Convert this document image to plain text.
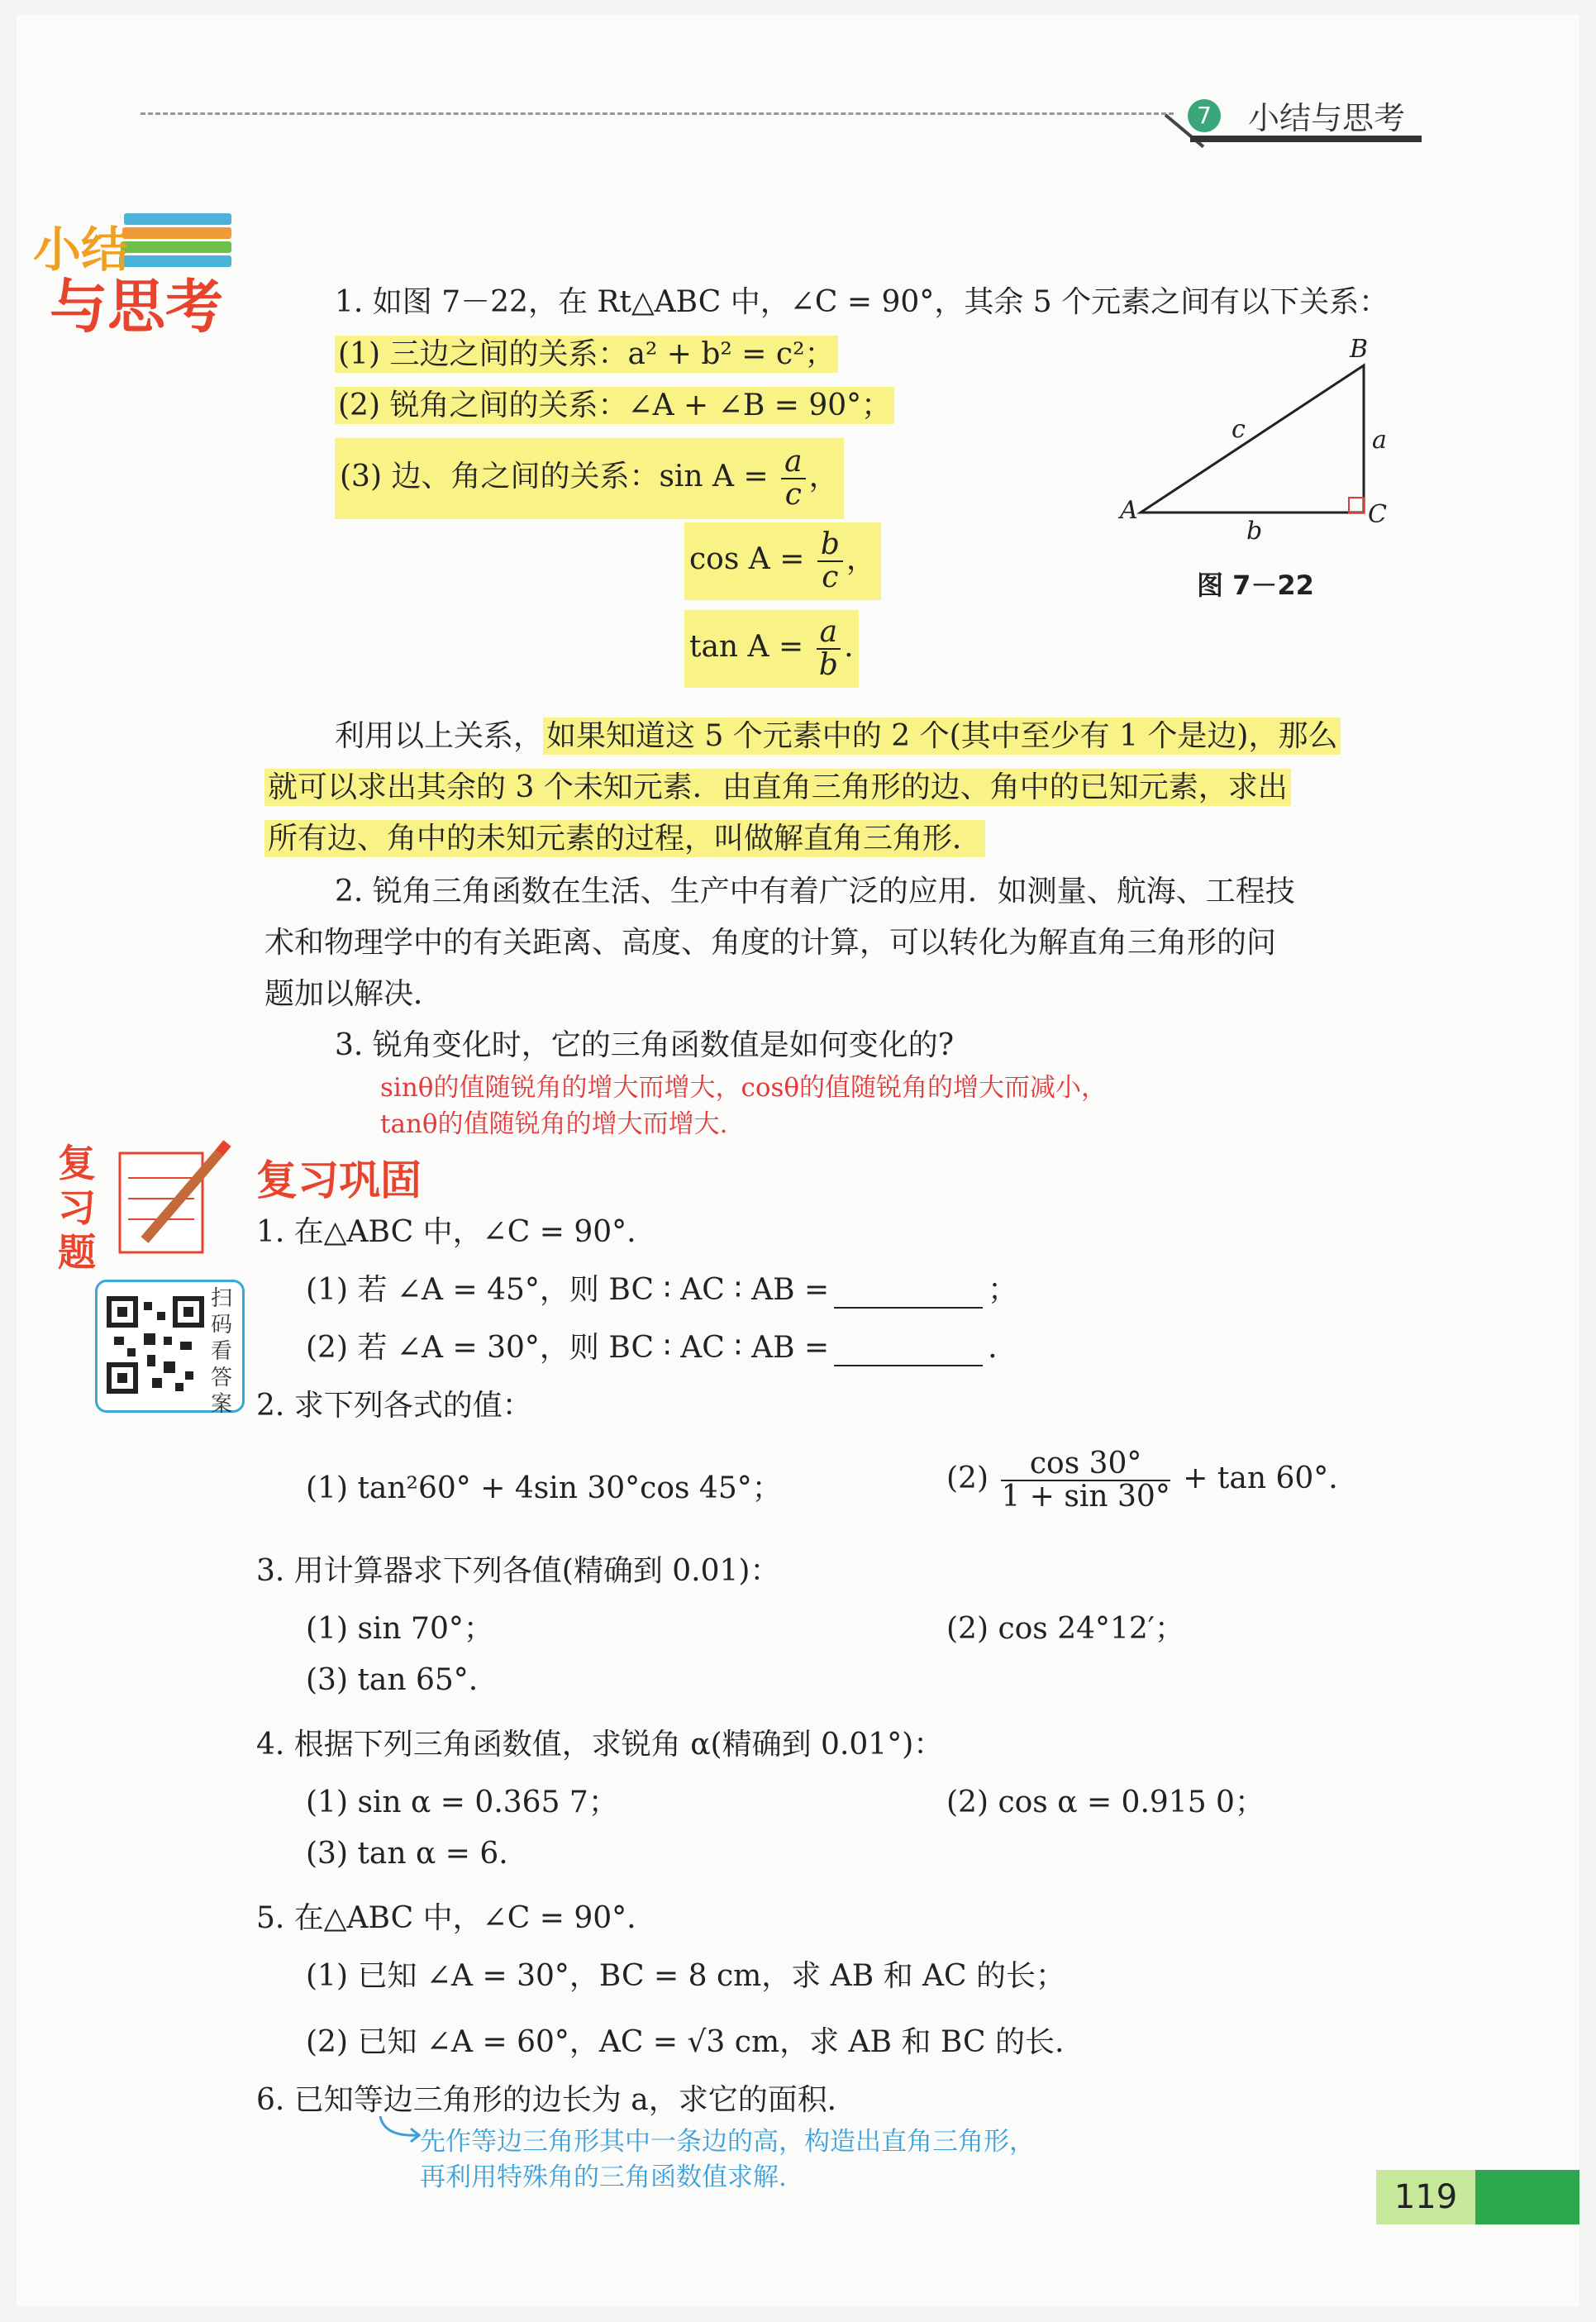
7 小结与思考
小结
与思考	1. 如图 7－22，在 Rt△ABC 中，∠C = 90°，其余 5 个元素之间有以下关系：
(1) 三边之间的关系：a² + b² = c²；
(2) 锐角之间的关系：∠A + ∠B = 90°；
(3) 边、角之间的关系：$\sin A = \frac{a}{c}$ ，
$\cos A = \frac{b}{c}$ ，
$\tan A = \frac{a}{b}$ .
A
B
C
a
b
c
图 7－22
利用以上关系， 如果知道这 5 个元素中的 2 个(其中至少有 1 个是边)，那么
就可以求出其余的 3 个未知元素．由直角三角形的边、角中的已知元素，求出
所有边、角中的未知元素的过程，叫做解直角三角形．
2. 锐角三角函数在生活、生产中有着广泛的应用．如测量、航海、工程技
术和物理学中的有关距离、高度、角度的计算，可以转化为解直角三角形的问
题加以解决．
3. 锐角变化时，它的三角函数值是如何变化的?
sinθ的值随锐角的增大而增大，cosθ的值随锐角的增大而减小，
tanθ的值随锐角的增大而增大.
复习题
复习巩固
扫码看答案
1. 在△ABC 中，∠C = 90°.
(1) 若 ∠A = 45°，则 BC ∶ AC ∶ AB =	；
(2) 若 ∠A = 30°，则 BC ∶ AC ∶ AB =	.
2. 求下列各式的值：
(1) tan²60° + 4sin 30°cos 45°；	$(2) \frac{\cos 30^\circ}{1 + \sin 30^\circ} + \tan 60^\circ$.
3. 用计算器求下列各值(精确到 0.01)：
(1) sin 70°；	(2) cos 24°12′；
(3) tan 65°.
4. 根据下列三角函数值，求锐角 α(精确到 0.01°)：
(1) sin α = 0.365 7；	(2) cos α = 0.915 0；
(3) tan α = 6.
5. 在△ABC 中，∠C = 90°.
(1) 已知 ∠A = 30°，BC = 8 cm，求 AB 和 AC 的长；
(2) 已知 ∠A = 60°，AC = √3 cm，求 AB 和 BC 的长.
6. 已知等边三角形的边长为 a，求它的面积．
先作等边三角形其中一条边的高，构造出直角三角形，
再利用特殊角的三角函数值求解.
119
